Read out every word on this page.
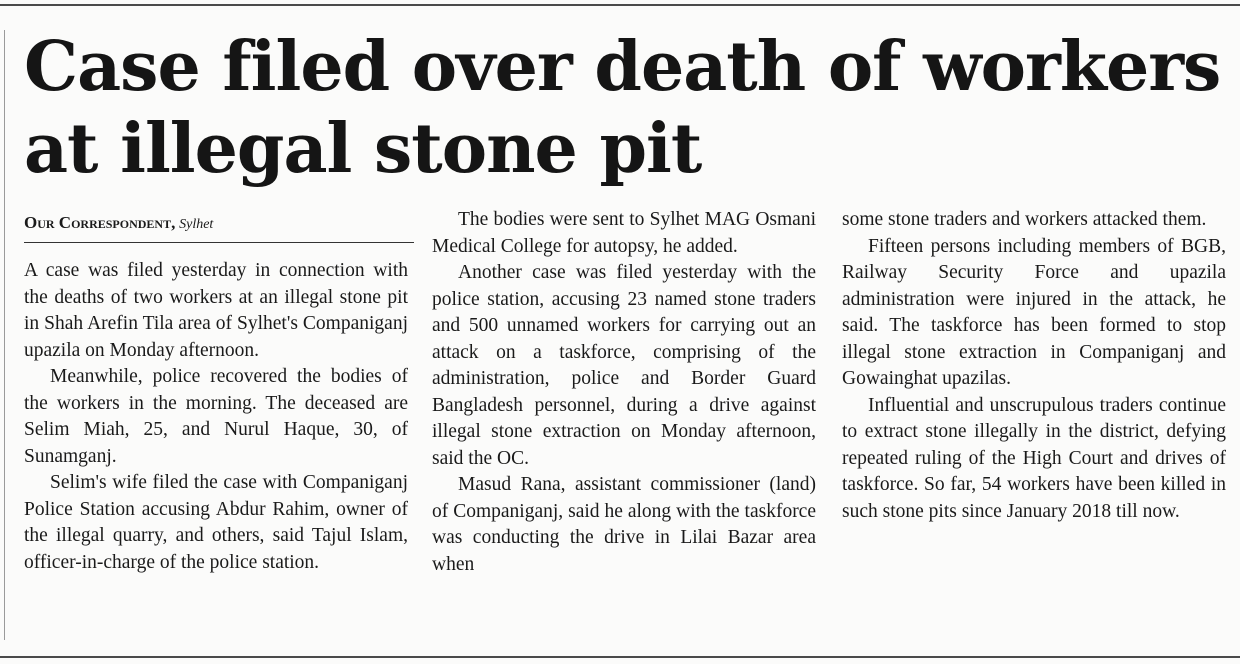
Case filed over death of workers at illegal stone pit
Our Correspondent, Sylhet

A case was filed yesterday in connection with the deaths of two workers at an illegal stone pit in Shah Arefin Tila area of Sylhet's Companiganj upazila on Monday afternoon.

Meanwhile, police recovered the bodies of the workers in the morning. The deceased are Selim Miah, 25, and Nurul Haque, 30, of Sunamganj.

Selim's wife filed the case with Companiganj Police Station accusing Abdur Rahim, owner of the illegal quarry, and others, said Tajul Islam, officer-in-charge of the police station.

The bodies were sent to Sylhet MAG Osmani Medical College for autopsy, he added.

Another case was filed yesterday with the police station, accusing 23 named stone traders and 500 unnamed workers for carrying out an attack on a taskforce, comprising of the administration, police and Border Guard Bangladesh personnel, during a drive against illegal stone extraction on Monday afternoon, said the OC.

Masud Rana, assistant commissioner (land) of Companiganj, said he along with the taskforce was conducting the drive in Lilai Bazar area when

some stone traders and workers attacked them.

Fifteen persons including members of BGB, Railway Security Force and upazila administration were injured in the attack, he said. The taskforce has been formed to stop illegal stone extraction in Companiganj and Gowainghat upazilas.

Influential and unscrupulous traders continue to extract stone illegally in the district, defying repeated ruling of the High Court and drives of taskforce. So far, 54 workers have been killed in such stone pits since January 2018 till now.
